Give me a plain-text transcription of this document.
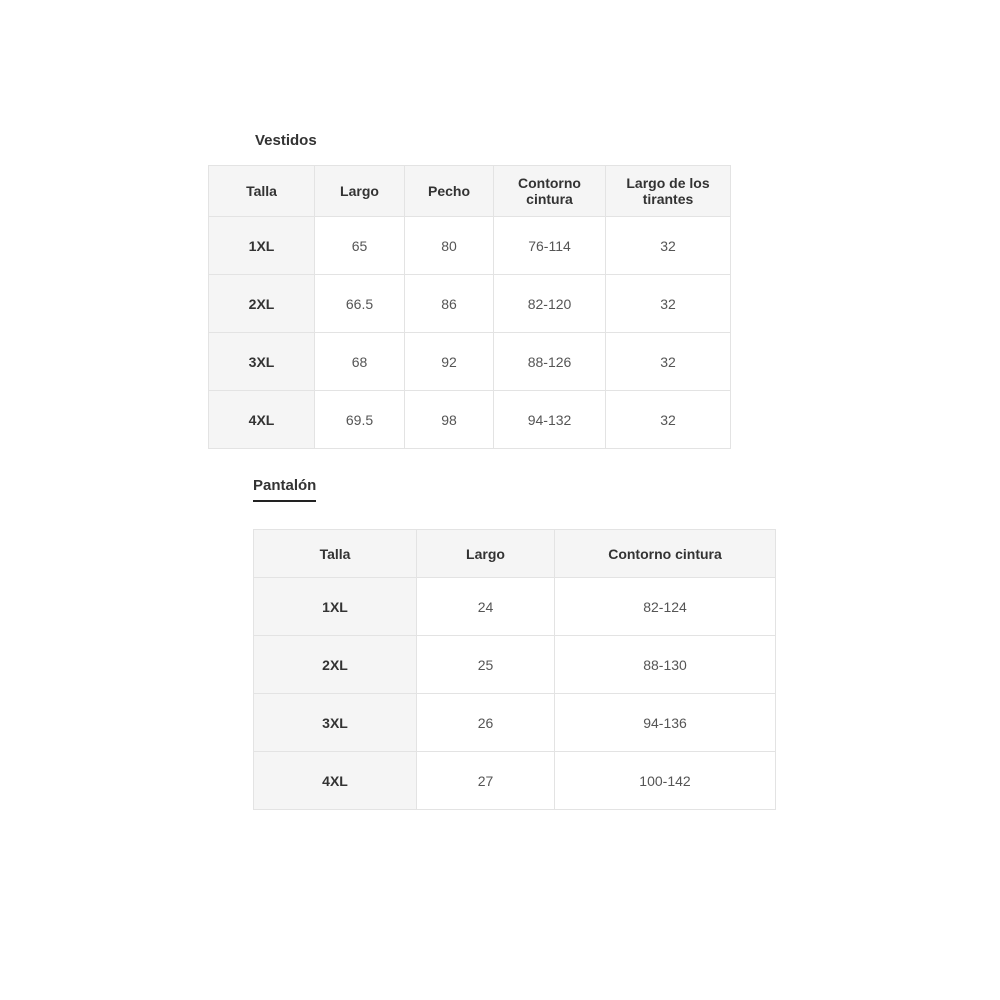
Vestidos
Talla	Largo	Pecho	Contorno cintura	Largo de los tirantes
1XL	65	80	76-114	32
2XL	66.5	86	82-120	32
3XL	68	92	88-126	32
4XL	69.5	98	94-132	32
Pantalón
Talla	Largo	Contorno cintura
1XL	24	82-124
2XL	25	88-130
3XL	26	94-136
4XL	27	100-142
